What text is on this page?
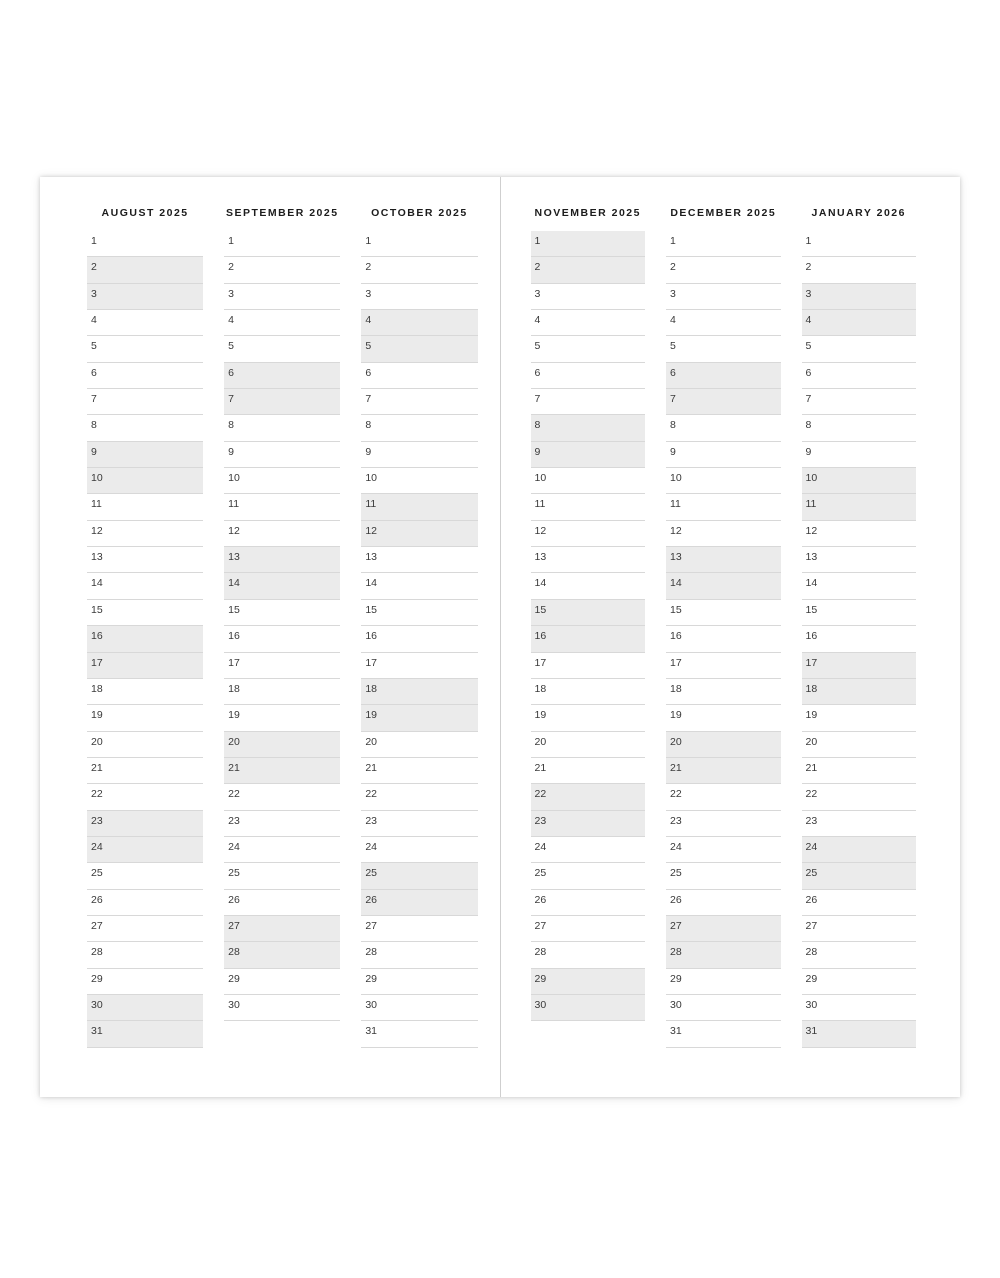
AUGUST 2025
1
2
3
4
5
6
7
8
9
10
11
12
13
14
15
16
17
18
19
20
21
22
23
24
25
26
27
28
29
30
31
SEPTEMBER 2025
1
2
3
4
5
6
7
8
9
10
11
12
13
14
15
16
17
18
19
20
21
22
23
24
25
26
27
28
29
30
OCTOBER 2025
1
2
3
4
5
6
7
8
9
10
11
12
13
14
15
16
17
18
19
20
21
22
23
24
25
26
27
28
29
30
31
NOVEMBER 2025
1
2
3
4
5
6
7
8
9
10
11
12
13
14
15
16
17
18
19
20
21
22
23
24
25
26
27
28
29
30
DECEMBER 2025
1
2
3
4
5
6
7
8
9
10
11
12
13
14
15
16
17
18
19
20
21
22
23
24
25
26
27
28
29
30
31
JANUARY 2026
1
2
3
4
5
6
7
8
9
10
11
12
13
14
15
16
17
18
19
20
21
22
23
24
25
26
27
28
29
30
31
